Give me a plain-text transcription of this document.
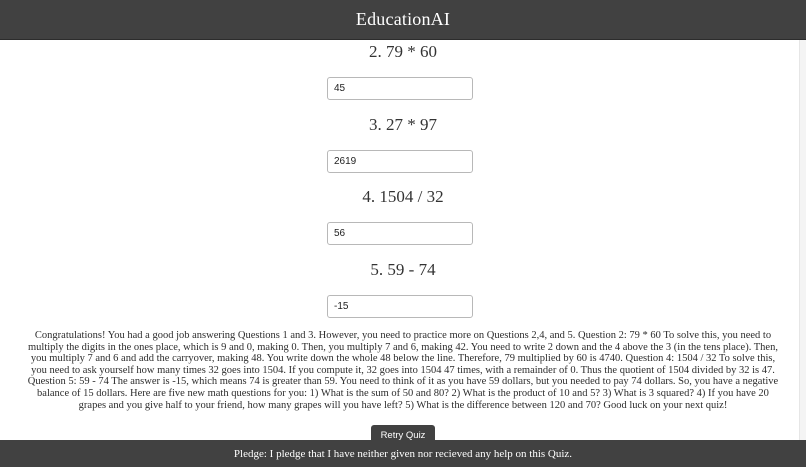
EducationAI
2. 79 * 60
45
3. 27 * 97
2619
4. 1504 / 32
56
5. 59 - 74
-15

Congratulations! You had a good job answering Questions 1 and 3. However, you need to practice more on Questions 2,4, and 5. Question 2: 79 * 60 To solve this, you need to multiply the digits in the ones place, which is 9 and 0, making 0. Then, you multiply 7 and 6, making 42. You need to write 2 down and the 4 above the 3 (in the tens place). Then, you multiply 7 and 6 and add the carryover, making 48. You write down the whole 48 below the line. Therefore, 79 multiplied by 60 is 4740. Question 4: 1504 / 32 To solve this, you need to ask yourself how many times 32 goes into 1504. If you compute it, 32 goes into 1504 47 times, with a remainder of 0. Thus the quotient of 1504 divided by 32 is 47. Question 5: 59 - 74 The answer is -15, which means 74 is greater than 59. You need to think of it as you have 59 dollars, but you needed to pay 74 dollars. So, you have a negative balance of 15 dollars. Here are five new math questions for you: 1) What is the sum of 50 and 80? 2) What is the product of 10 and 5? 3) What is 3 squared? 4) If you have 20 grapes and you give half to your friend, how many grapes will you have left? 5) What is the difference between 120 and 70? Good luck on your next quiz!

Retry Quiz
Pledge: I pledge that I have neither given nor recieved any help on this Quiz.
